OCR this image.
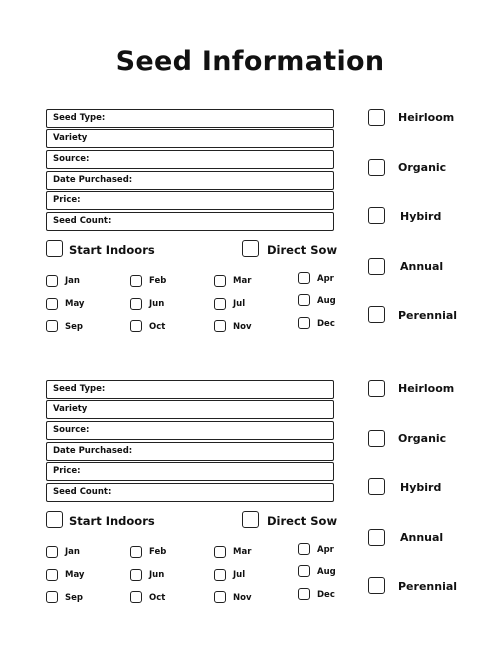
Seed Information
Seed Type:
Variety
Source:
Date Purchased:
Price:
Seed Count:
Start Indoors	Direct Sow
Jan	Feb	Mar	Apr
May	Jun	Jul	Aug
Sep	Oct	Nov	Dec
Heirloom
Organic
Hybird
Annual
Perennial
Seed Type:
Variety
Source:
Date Purchased:
Price:
Seed Count:
Start Indoors	Direct Sow
Jan	Feb	Mar	Apr
May	Jun	Jul	Aug
Sep	Oct	Nov	Dec
Heirloom
Organic
Hybird
Annual
Perennial
